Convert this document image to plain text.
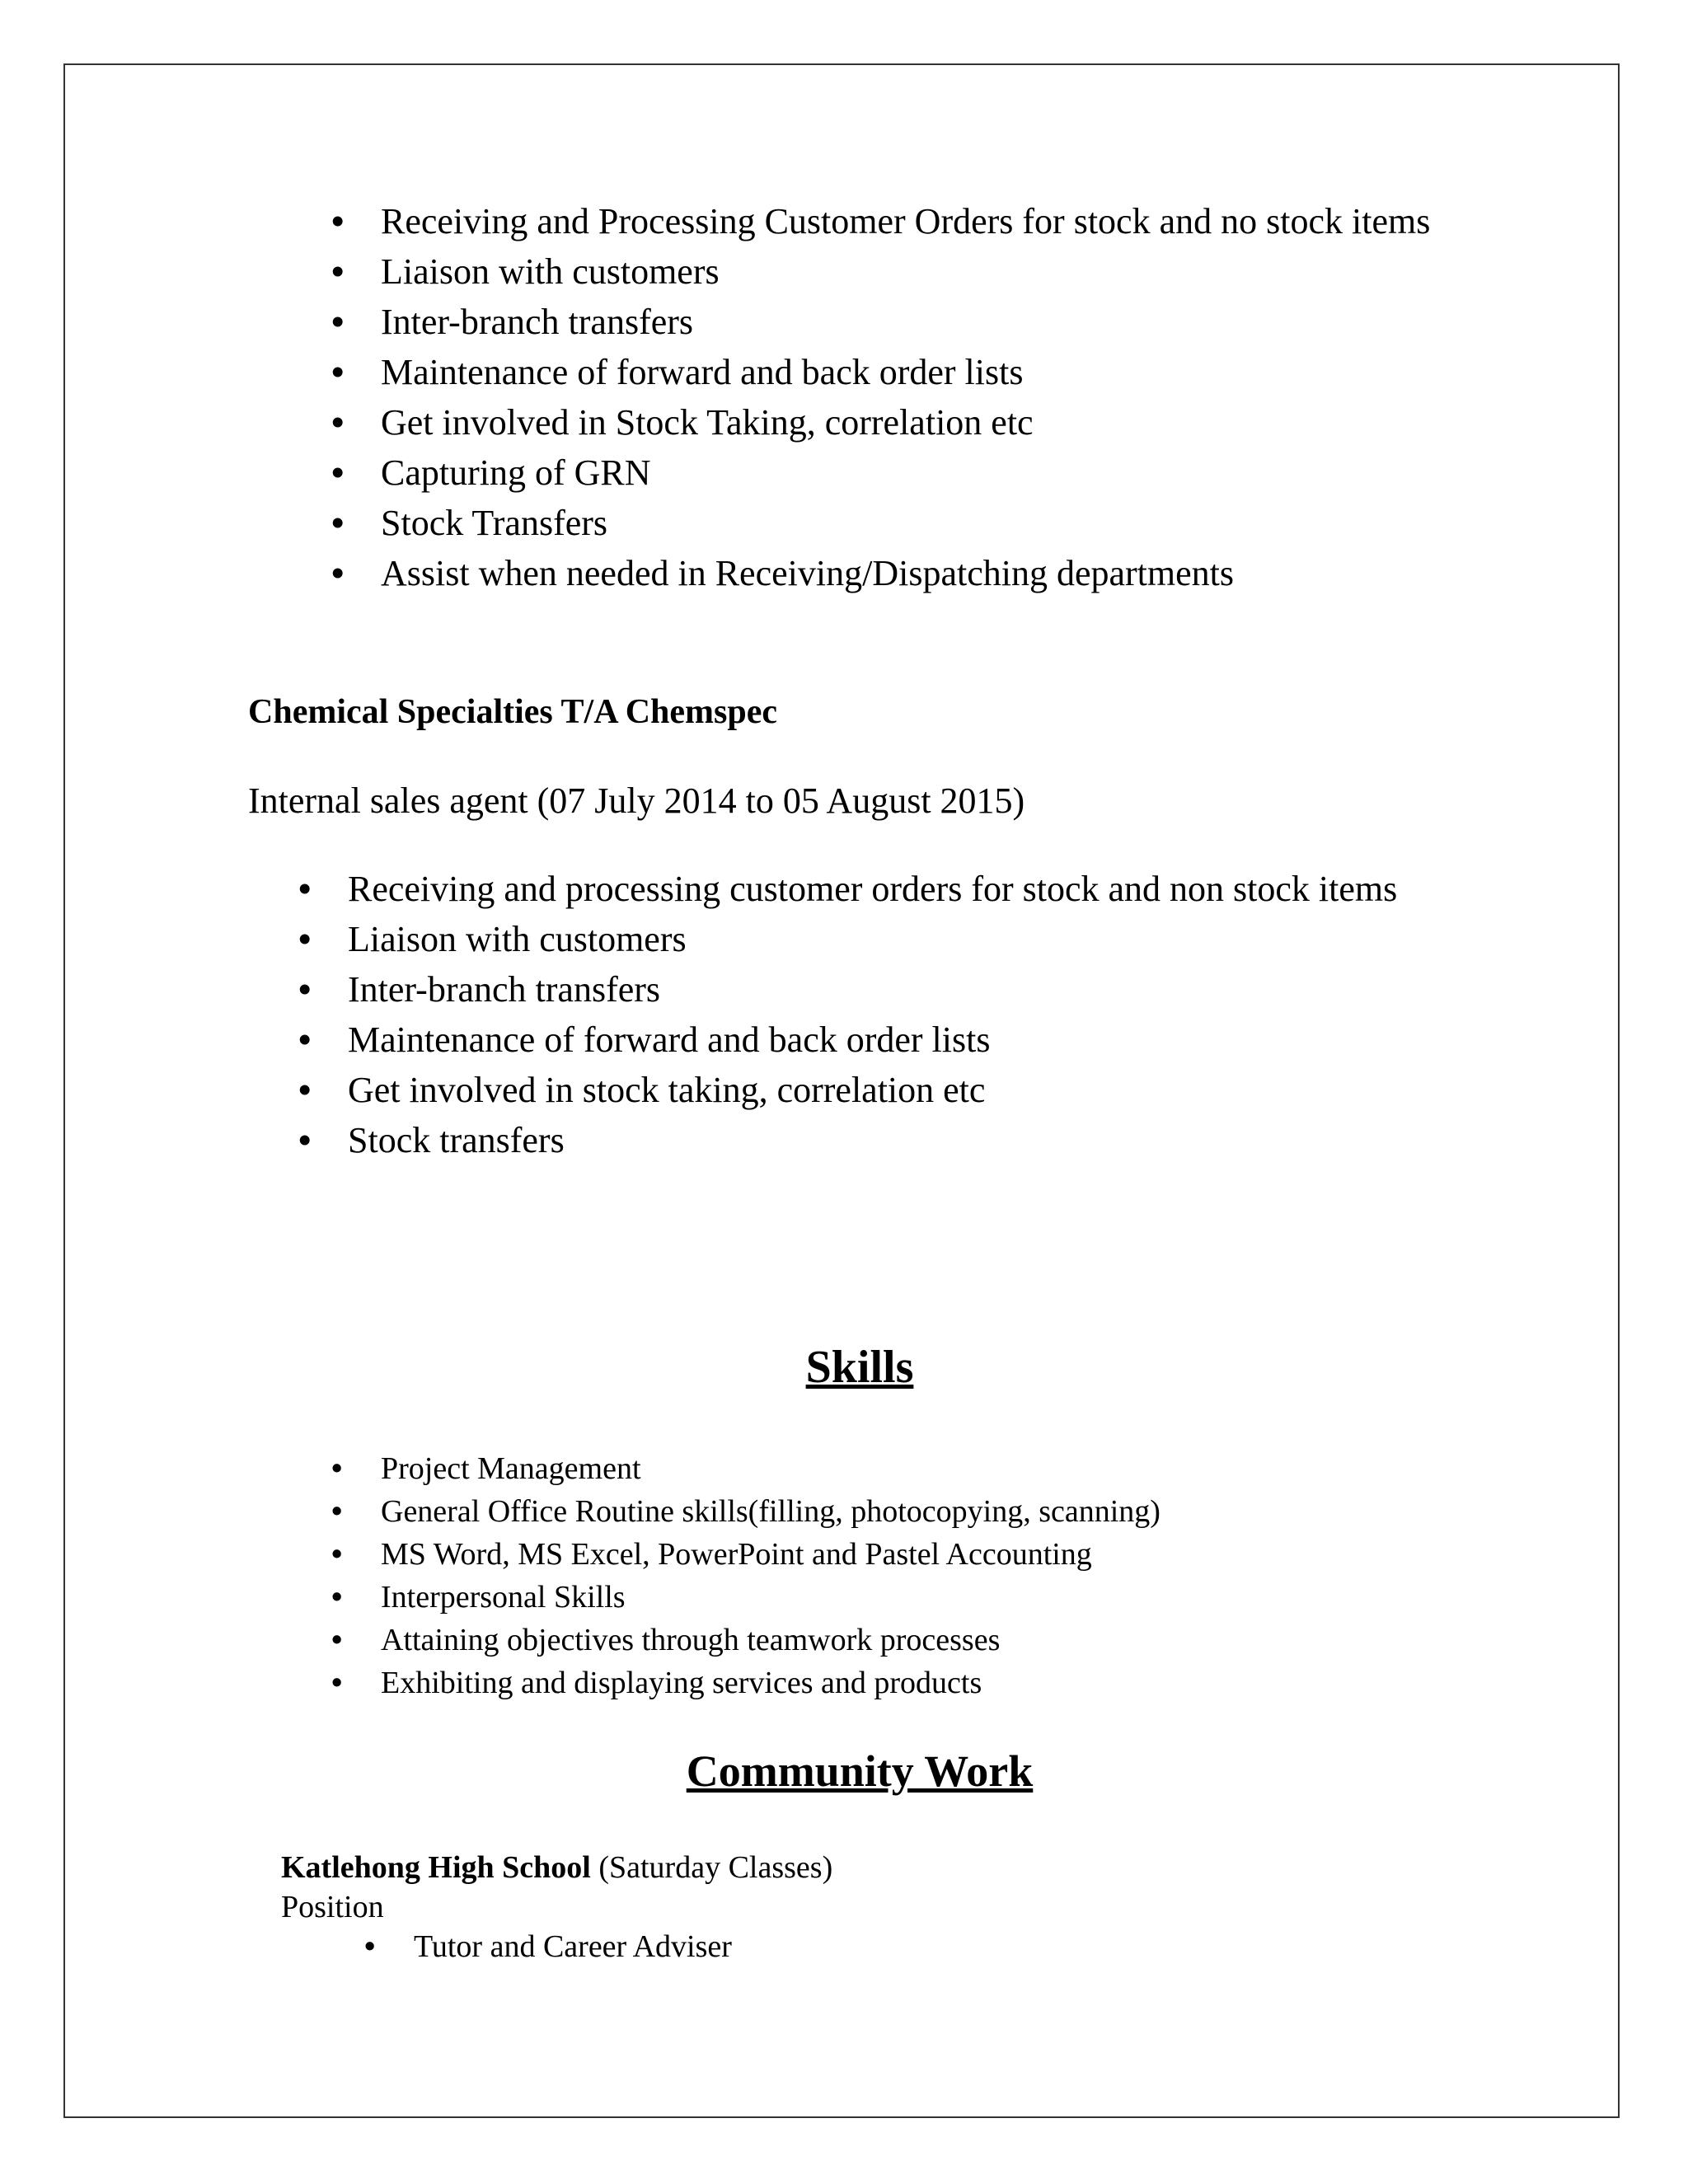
• Receiving and Processing Customer Orders for stock and no stock items
• Liaison with customers
• Inter-branch transfers
• Maintenance of forward and back order lists
• Get involved in Stock Taking, correlation etc
• Capturing of GRN
• Stock Transfers
• Assist when needed in Receiving/Dispatching departments
Chemical Specialties T/A Chemspec
Internal sales agent (07 July 2014 to 05 August 2015)
• Receiving and processing customer orders for stock and non stock items
• Liaison with customers
• Inter-branch transfers
• Maintenance of forward and back order lists
• Get involved in stock taking, correlation etc
• Stock transfers
Skills
• Project Management
• General Office Routine skills(filling, photocopying, scanning)
• MS Word, MS Excel, PowerPoint and Pastel Accounting
• Interpersonal Skills
• Attaining objectives through teamwork processes
• Exhibiting and displaying services and products
Community Work
Katlehong High School (Saturday Classes)
Position
• Tutor and Career Adviser
